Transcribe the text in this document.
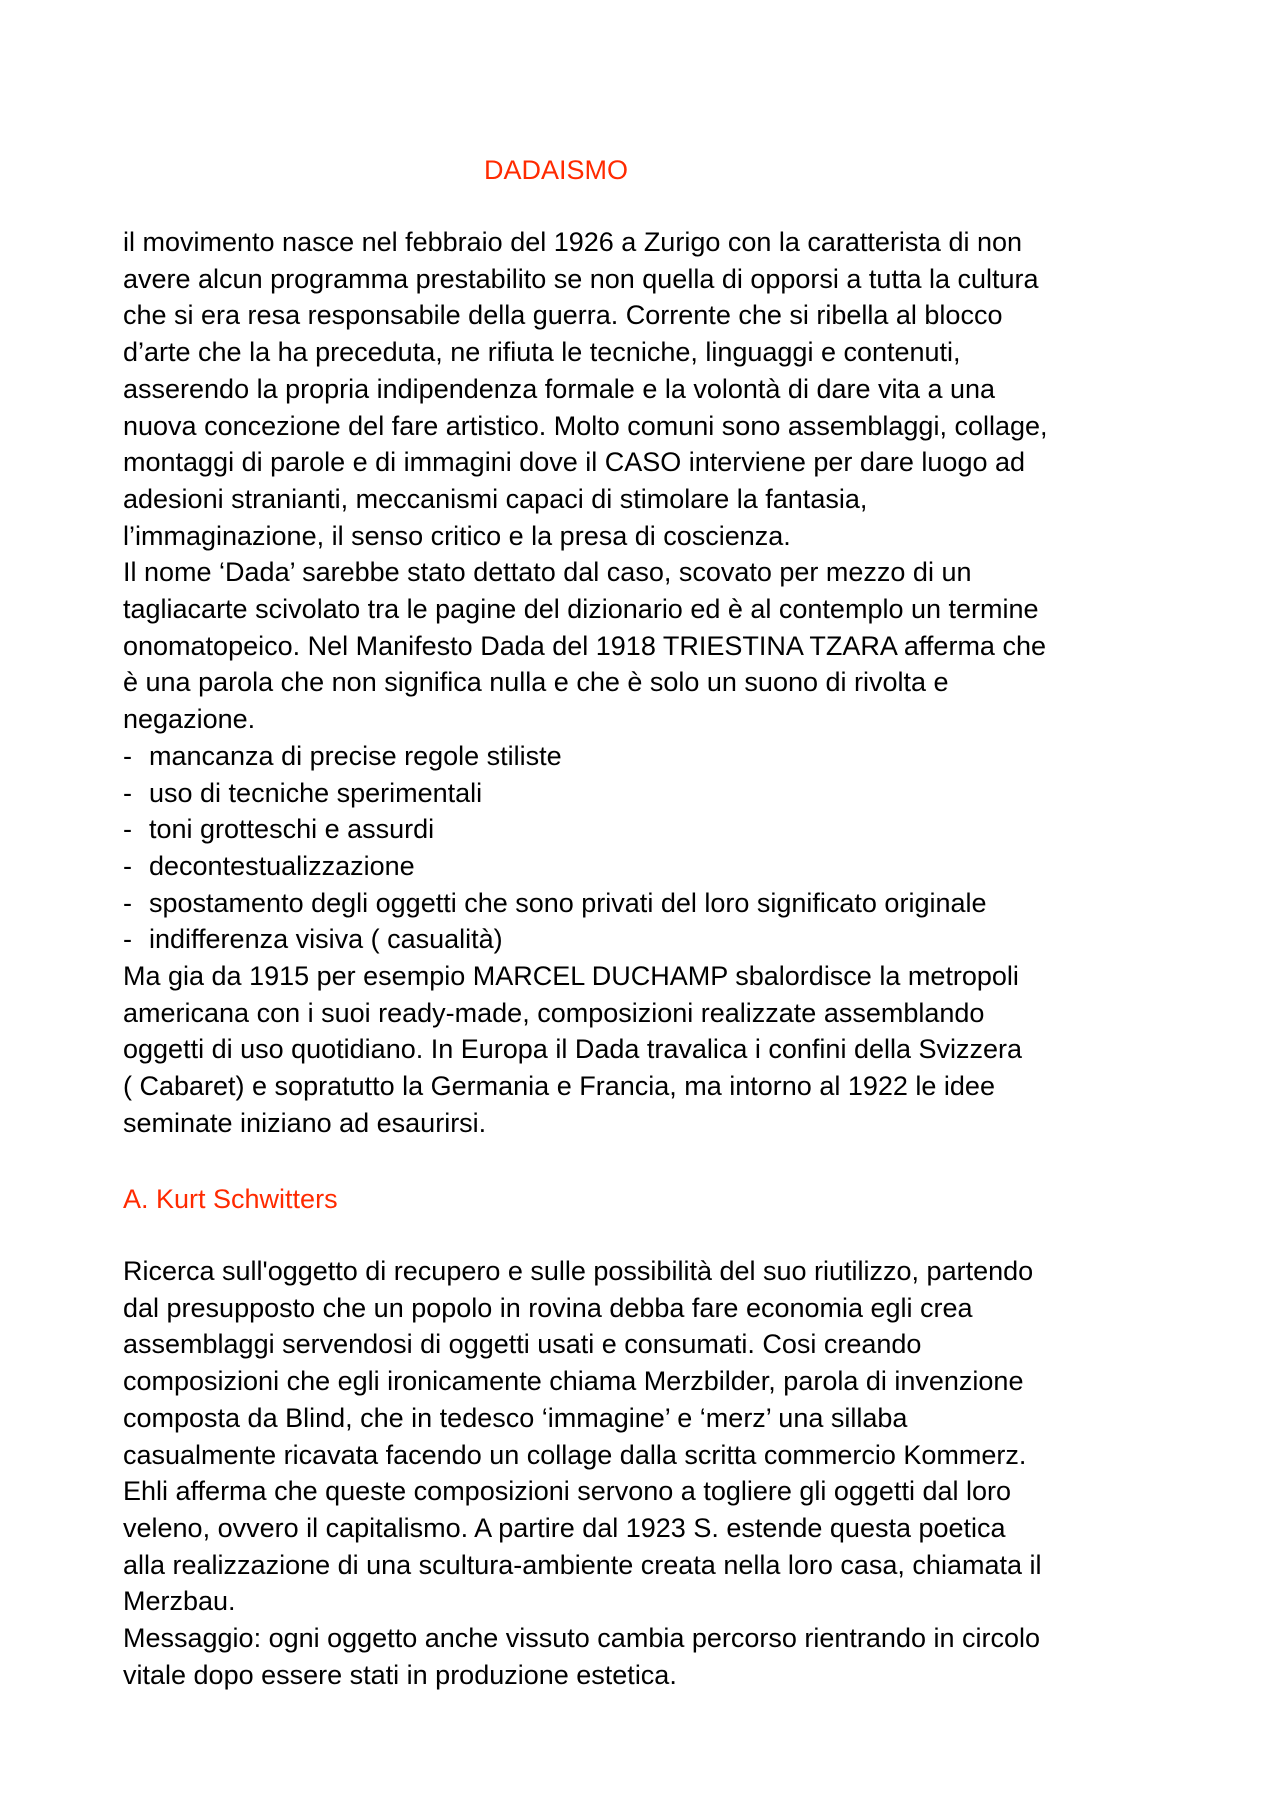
DADAISMO

il movimento nasce nel febbraio del 1926 a Zurigo con la caratterista di non
avere alcun programma prestabilito se non quella di opporsi a tutta la cultura
che si era resa responsabile della guerra. Corrente che si ribella al blocco
d’arte che la ha preceduta, ne rifiuta le tecniche, linguaggi e contenuti,
asserendo la propria indipendenza formale e la volontà di dare vita a una
nuova concezione del fare artistico. Molto comuni sono assemblaggi, collage,
montaggi di parole e di immagini dove il CASO interviene per dare luogo ad
adesioni stranianti, meccanismi capaci di stimolare la fantasia,
l’immaginazione, il senso critico e la presa di coscienza.

Il nome ‘Dada’ sarebbe stato dettato dal caso, scovato per mezzo di un
tagliacarte scivolato tra le pagine del dizionario ed è al contemplo un termine
onomatopeico. Nel Manifesto Dada del 1918 TRIESTINA TZARA afferma che
è una parola che non significa nulla e che è solo un suono di rivolta e
negazione.

- mancanza di precise regole stiliste
- uso di tecniche sperimentali
- toni grotteschi e assurdi
- decontestualizzazione
- spostamento degli oggetti che sono privati del loro significato originale
- indifferenza visiva ( casualità)

Ma gia da 1915 per esempio MARCEL DUCHAMP sbalordisce la metropoli
americana con i suoi ready-made, composizioni realizzate assemblando
oggetti di uso quotidiano. In Europa il Dada travalica i confini della Svizzera
( Cabaret) e sopratutto la Germania e Francia, ma intorno al 1922 le idee
seminate iniziano ad esaurirsi.

A. Kurt Schwitters

Ricerca sull'oggetto di recupero e sulle possibilità del suo riutilizzo, partendo
dal presupposto che un popolo in rovina debba fare economia egli crea
assemblaggi servendosi di oggetti usati e consumati. Cosi creando
composizioni che egli ironicamente chiama Merzbilder, parola di invenzione
composta da Blind, che in tedesco ‘immagine’ e ‘merz’ una sillaba
casualmente ricavata facendo un collage dalla scritta commercio Kommerz.
Ehli afferma che queste composizioni servono a togliere gli oggetti dal loro
veleno, ovvero il capitalismo. A partire dal 1923 S. estende questa poetica
alla realizzazione di una scultura-ambiente creata nella loro casa, chiamata il
Merzbau.

Messaggio: ogni oggetto anche vissuto cambia percorso rientrando in circolo
vitale dopo essere stati in produzione estetica.
